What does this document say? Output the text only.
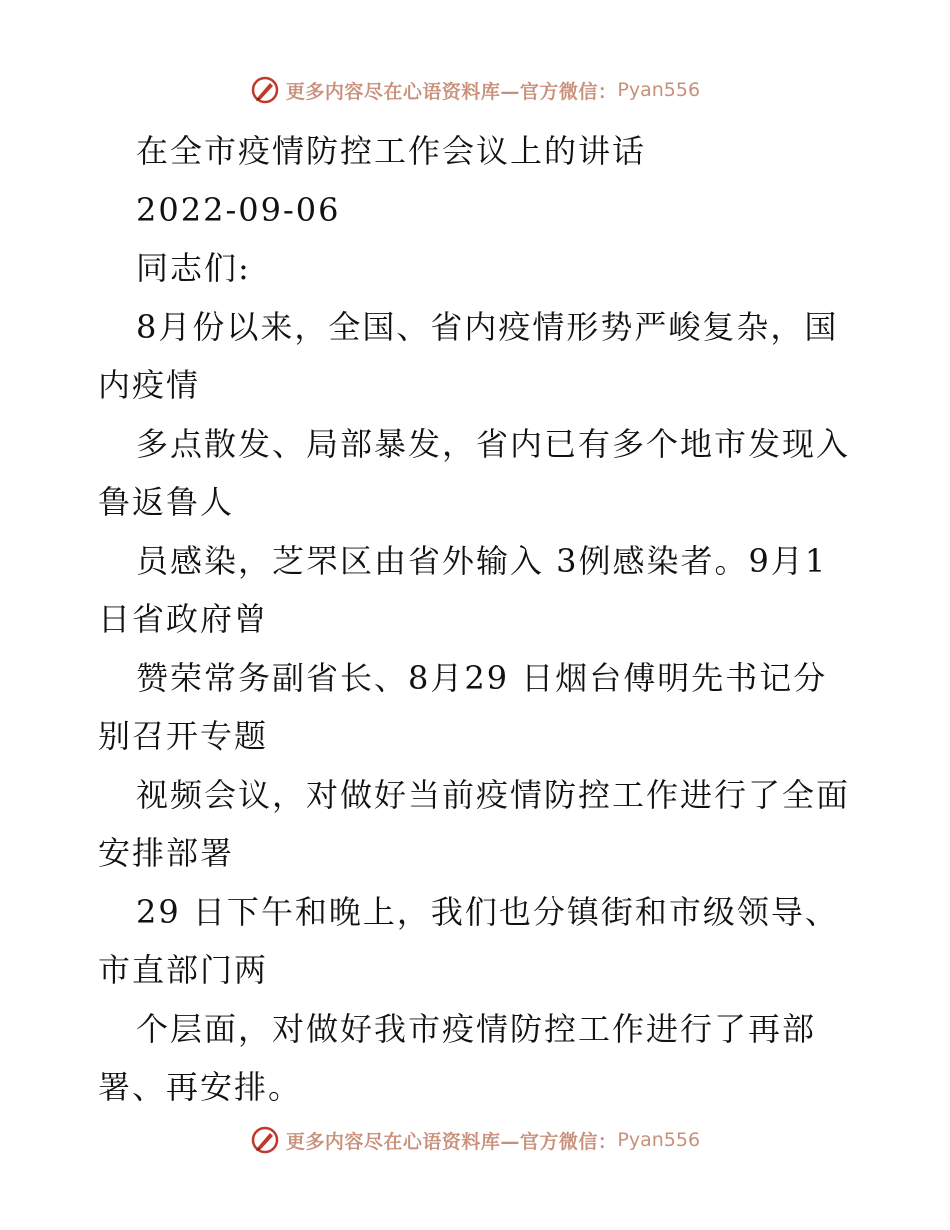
更多内容尽在心语资料库—官方微信： Pyan556
在全市疫情防控工作会议上的讲话
2022-09-06
同志们:
8月份以来，全国、省内疫情形势严峻复杂，国
内疫情
多点散发、局部暴发，省内已有多个地市发现入
鲁返鲁人
员感染，芝罘区由省外输入 3例感染者。9月1
日省政府曾
赞荣常务副省长、8月29 日烟台傅明先书记分
别召开专题
视频会议，对做好当前疫情防控工作进行了全面
安排部署
29 日下午和晚上，我们也分镇街和市级领导、
市直部门两
个层面，对做好我市疫情防控工作进行了再部
署、再安排。
更多内容尽在心语资料库—官方微信： Pyan556
